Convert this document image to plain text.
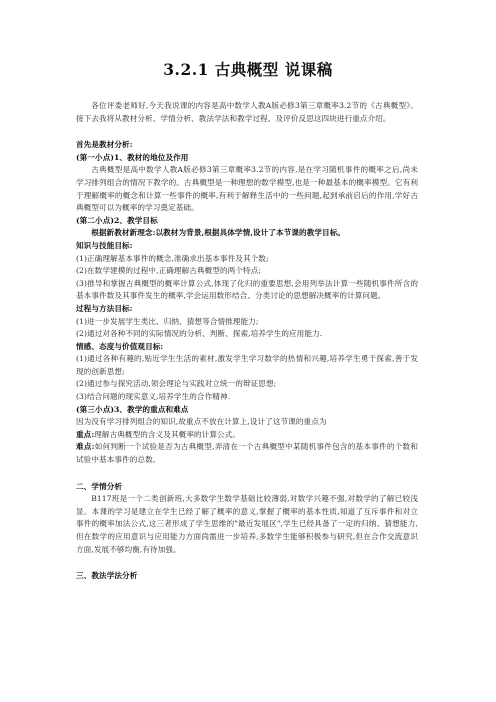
3.2.1 古典概型 说课稿

各位评委老师好,今天我说课的内容是高中数学人教A版必修3第三章概率3.2节的《古典概型》。接下去我将从教材分析、学情分析、教法学法和教学过程、及评价反思这四块进行重点介绍。

首先是教材分析:

(第一小点)1、教材的地位及作用

古典概型是高中数学人教A版必修3第三章概率3.2节的内容,是在学习随机事件的概率之后,尚未学习排列组合的情况下教学的。古典概型是一种理想的数学模型,也是一种最基本的概率模型。它有利于理解概率的概念和计算一些事件的概率,有利于解释生活中的一些问题,起到承前启后的作用,学好古典概型可以为概率的学习奠定基础。

(第二小点)2、教学目标

根据新教材新理念:以教材为背景,根据具体学情,设计了本节课的教学目标。

知识与技能目标:

(1)正确理解基本事件的概念,准确求出基本事件及其个数;

(2)在数学建模的过程中,正确理解古典概型的两个特点;

(3)推导和掌握古典概型的概率计算公式,体现了化归的重要思想,会用列举法计算一些随机事件所含的基本事件数及其事件发生的概率,学会运用数形结合、分类讨论的思想解决概率的计算问题。

过程与方法目标:

(1)进一步发展学生类比、归纳、猜想等合情推理能力;

(2)通过对各种不同的实际情况的分析、判断、探索,培养学生的应用能力.

情感、态度与价值观目标:

(1)通过各种有趣的,贴近学生生活的素材,激发学生学习数学的热情和兴趣,培养学生勇于探索,善于发现的创新思想;

(2)通过参与探究活动,领会理论与实践对立统一的辩证思想;

(3)结合问题的现实意义,培养学生的合作精神.

(第三小点)3、教学的重点和难点

因为没有学习排列组合的知识,故重点不放在计算上,设计了这节课的重点为

重点:理解古典概型的含义及其概率的计算公式。

难点:如何判断一个试验是否为古典概型,弄清在一个古典概型中某随机事件包含的基本事件的个数和试验中基本事件的总数。

二、学情分析

B117班是一个二类创新班,大多数学生数学基础比较薄弱,对数学兴趣不强,对数学的了解已较浅显。本课的学习是建立在学生已经了解了概率的意义,掌握了概率的基本性质,知道了互斥事件和对立事件的概率加法公式,这三者形成了学生思维的"最近发展区",学生已经具备了一定的归纳、猜想能力,但在数学的应用意识与应用能力方面尚需进一步培养,多数学生能够积极参与研究,但在合作交流意识方面,发展不够均衡,有待加强。

三、教法学法分析
